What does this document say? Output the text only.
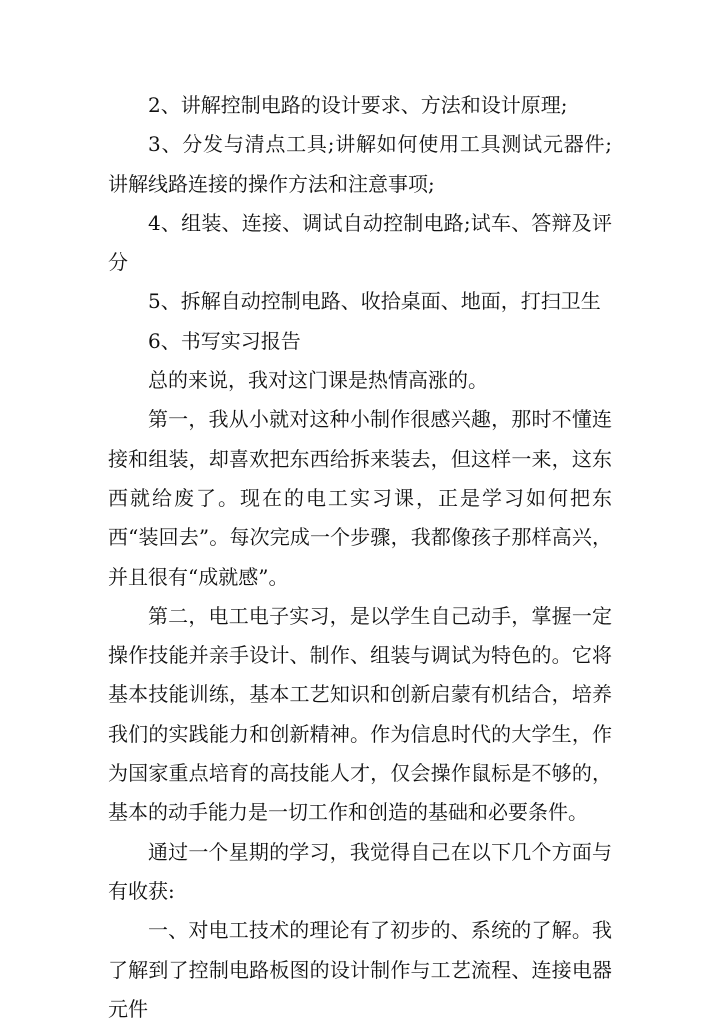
2、讲解控制电路的设计要求、方法和设计原理;

3、分发与清点工具;讲解如何使用工具测试元器件;讲解线路连接的操作方法和注意事项;

4、组装、连接、调试自动控制电路;试车、答辩及评分

5、拆解自动控制电路、收拾桌面、地面，打扫卫生

6、书写实习报告

总的来说，我对这门课是热情高涨的。

第一，我从小就对这种小制作很感兴趣，那时不懂连接和组装，却喜欢把东西给拆来装去，但这样一来，这东西就给废了。现在的电工实习课，正是学习如何把东西“装回去”。每次完成一个步骤，我都像孩子那样高兴，并且很有“成就感”。

第二，电工电子实习，是以学生自己动手，掌握一定操作技能并亲手设计、制作、组装与调试为特色的。它将基本技能训练，基本工艺知识和创新启蒙有机结合，培养我们的实践能力和创新精神。作为信息时代的大学生，作为国家重点培育的高技能人才，仅会操作鼠标是不够的，基本的动手能力是一切工作和创造的基础和必要条件。

通过一个星期的学习，我觉得自己在以下几个方面与有收获:

一、对电工技术的理论有了初步的、系统的了解。我了解到了控制电路板图的设计制作与工艺流程、连接电器元件
